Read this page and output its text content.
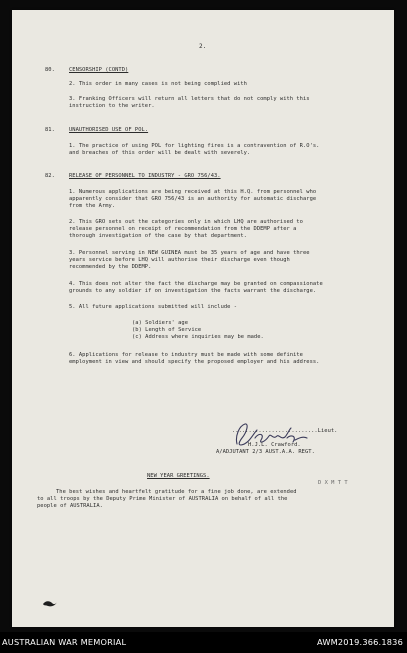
2.
80.	CENSORSHIP (CONTD)
2. This order in many cases is not being complied with
3. Franking Officers will return all letters that do not comply with this
instruction to the writer.
81.	UNAUTHORISED USE OF POL.
1. The practice of using POL for lighting fires is a contravention of R.O's.
and breaches of this order will be dealt with severely.
82.	RELEASE OF PERSONNEL TO INDUSTRY - GRO 756/43.
1. Numerous applications are being received at this H.Q. from personnel who
apparently consider that GRO 756/43 is an authority for automatic discharge
from the Army.
2. This GRO sets out the categories only in which LHQ are authorised to
release personnel on receipt of recommendation from the DDEMP after a
thorough investigation of the case by that department.
3. Personnel serving in NEW GUINEA must be 35 years of age and have three
years service before LHQ will authorise their discharge even though
recommended by the DDEMP.
4. This does not alter the fact the discharge may be granted on compassionate
grounds to any soldier if on investigation the facts warrant the discharge.
5. All future applications submitted will include -
(a) Soldiers' age
(b) Length of Service
(c) Address where inquiries may be made.
6. Applications for release to industry must be made with some definite
employment in view and should specify the proposed employer and his address.
..........................Lieut.
H.J.L. Crawford.
A/ADJUTANT 2/3 AUST.A.A. REGT.
NEW YEAR GREETINGS.
The best wishes and heartfelt gratitude for a fine job done, are extended
to all troops by the Deputy Prime Minister of AUSTRALIA on behalf of all the
people of AUSTRALIA.
D X M T T
AUSTRALIAN WAR MEMORIAL	AWM2019.366.1836
